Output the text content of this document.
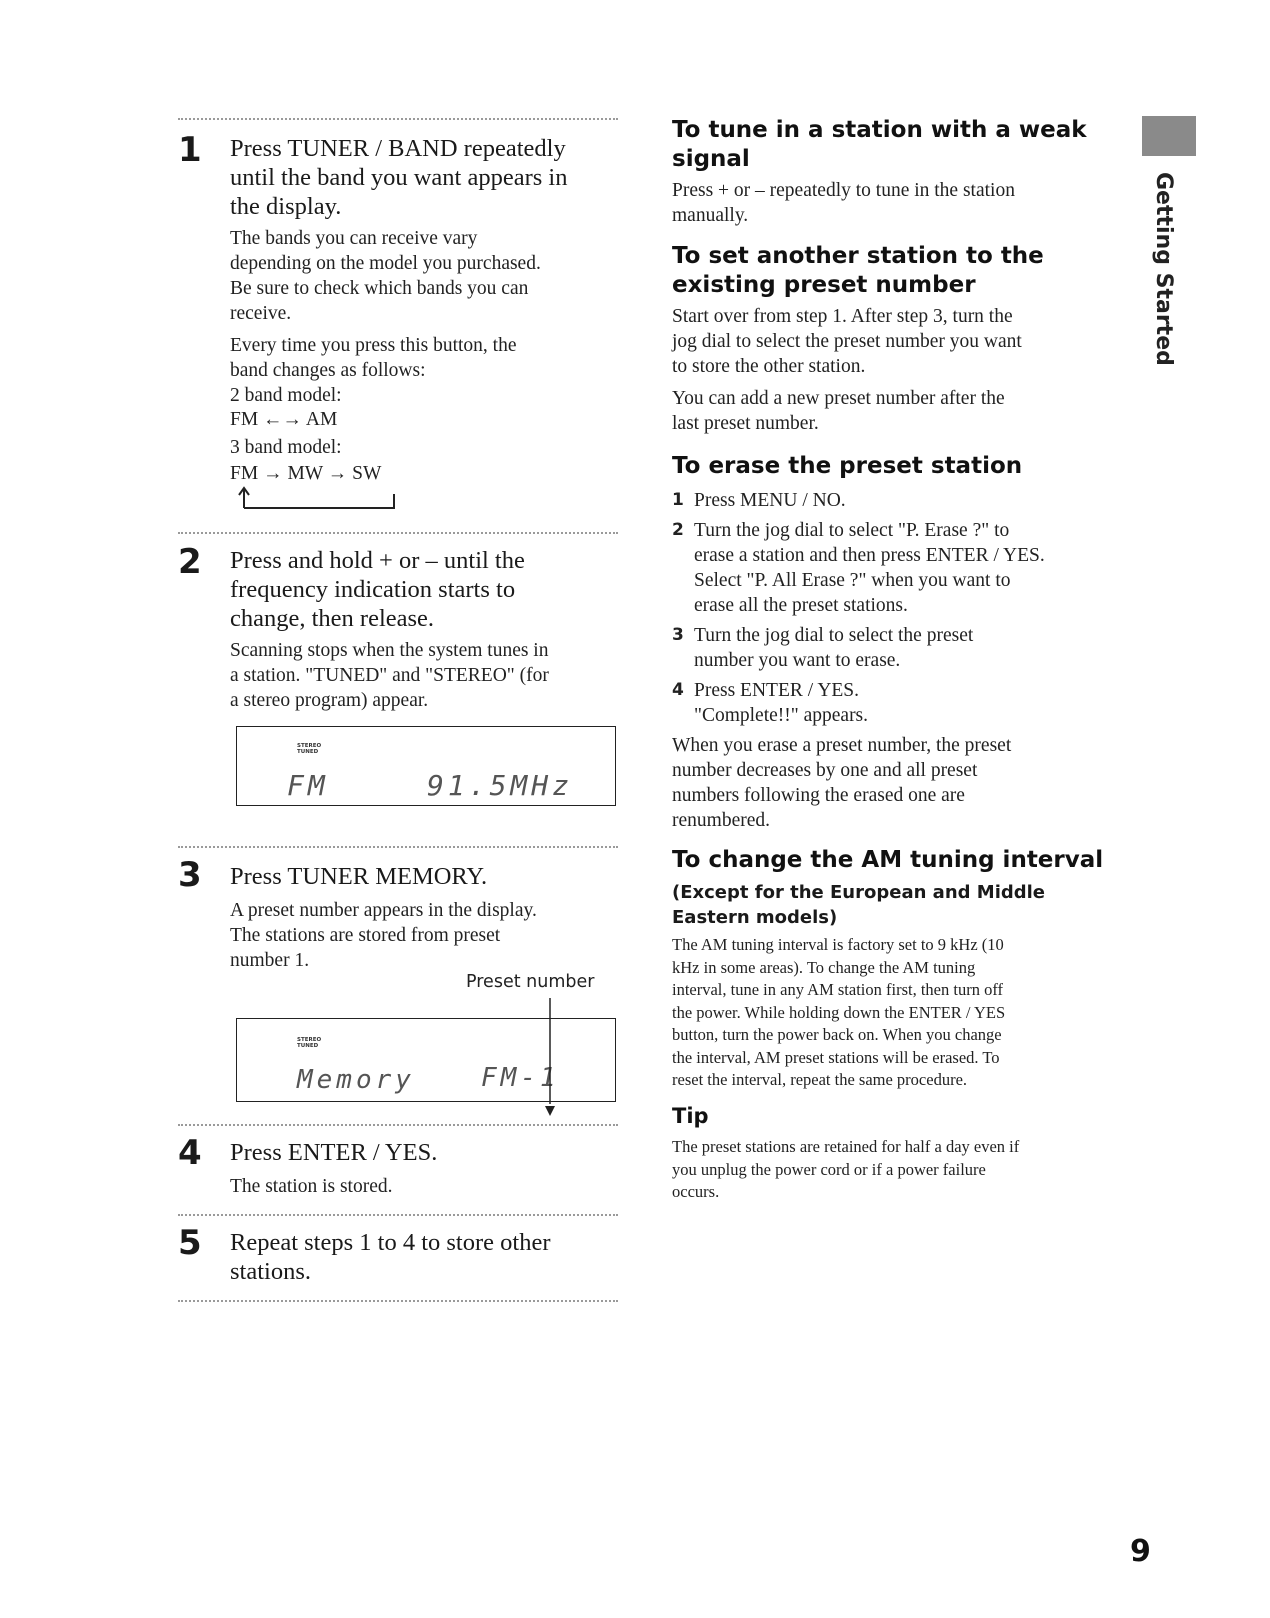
1 Press TUNER / BAND repeatedly
until the band you want appears in
the display.

The bands you can receive vary
depending on the model you purchased.
Be sure to check which bands you can
receive.

Every time you press this button, the
band changes as follows:
2 band model:

FM ←→ AM
3 band model:
FM → MW → SW
2 Press and hold + or – until the
frequency indication starts to
change, then release.
Scanning stops when the system tunes in
a station. "TUNED" and "STEREO" (for
a stereo program) appear.
STEREO
TUNED
FM	91.5MHz
3 Press TUNER MEMORY.
A preset number appears in the display.
The stations are stored from preset
number 1.
Preset number
STEREO
TUNED
Memory	FM-1
4 Press ENTER / YES.
The station is stored.
5 Repeat steps 1 to 4 to store other
stations.
To tune in a station with a weak
signal
Press + or – repeatedly to tune in the station
manually.
To set another station to the
existing preset number

Start over from step 1. After step 3, turn the
jog dial to select the preset number you want
to store the other station.

You can add a new preset number after the
last preset number.

To erase the preset station
1 Press MENU / NO.
2 Turn the jog dial to select "P. Erase ?" to
erase a station and then press ENTER / YES.
Select "P. All Erase ?" when you want to
erase all the preset stations.
3 Turn the jog dial to select the preset
number you want to erase.
4 Press ENTER / YES.
"Complete!!" appears.

When you erase a preset number, the preset
number decreases by one and all preset
numbers following the erased one are
renumbered.

To change the AM tuning interval
(Except for the European and Middle
Eastern models)
The AM tuning interval is factory set to 9 kHz (10
kHz in some areas). To change the AM tuning
interval, tune in any AM station first, then turn off
the power. While holding down the ENTER / YES
button, turn the power back on. When you change
the interval, AM preset stations will be erased. To
reset the interval, repeat the same procedure.
Tip
The preset stations are retained for half a day even if
you unplug the power cord or if a power failure
occurs.
Getting Started
9
